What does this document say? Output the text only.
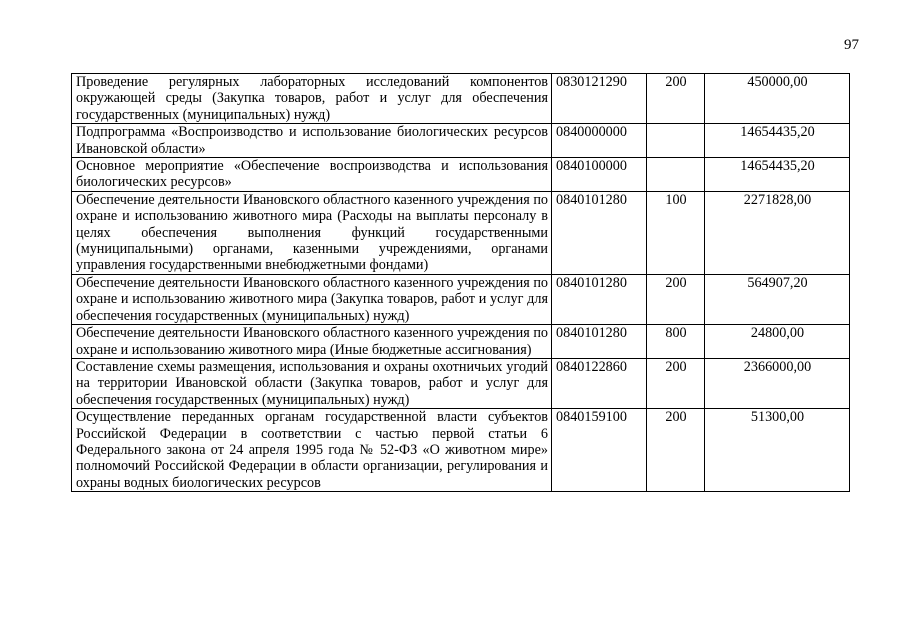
97
Проведение регулярных лабораторных исследований компонентов окружающей среды (Закупка товаров, работ и услуг для обеспечения государственных (муниципальных) нужд)	0830121290	200	450000,00
Подпрограмма «Воспроизводство и использование биологических ресурсов Ивановской области»	0840000000		14654435,20
Основное мероприятие «Обеспечение воспроизводства и использования биологических ресурсов»	0840100000		14654435,20
Обеспечение деятельности Ивановского областного казенного учреждения по охране и использованию животного мира (Расходы на выплаты персоналу в целях обеспечения выполнения функций государственными (муниципальными) органами, казенными учреждениями, органами управления государственными внебюджетными фондами)	0840101280	100	2271828,00
Обеспечение деятельности Ивановского областного казенного учреждения по охране и использованию животного мира (Закупка товаров, работ и услуг для обеспечения государственных (муниципальных) нужд)	0840101280	200	564907,20
Обеспечение деятельности Ивановского областного казенного учреждения по охране и использованию животного мира (Иные бюджетные ассигнования)	0840101280	800	24800,00
Составление схемы размещения, использования и охраны охотничьих угодий на территории Ивановской области (Закупка товаров, работ и услуг для обеспечения государственных (муниципальных) нужд)	0840122860	200	2366000,00
Осуществление переданных органам государственной власти субъектов Российской Федерации в соответствии с частью первой статьи 6 Федерального закона от 24 апреля 1995 года № 52-ФЗ «О животном мире» полномочий Российской Федерации в области организации, регулирования и охраны водных биологических ресурсов	0840159100	200	51300,00
